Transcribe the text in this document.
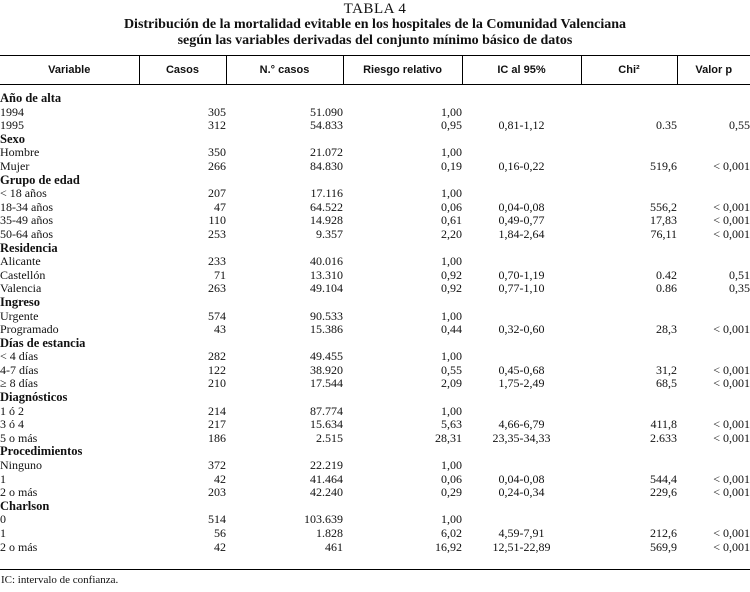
TABLA 4
Distribución de la mortalidad evitable en los hospitales de la Comunidad Valenciana
según las variables derivadas del conjunto mínimo básico de datos
Variable	Casos	N.° casos	Riesgo relativo	IC al 95%	Chi²	Valor p
Año de alta						
1994	305	51.090	1,00			
1995	312	54.833	0,95	0,81-1,12	0.35	0,55
Sexo						
Hombre	350	21.072	1,00			
Mujer	266	84.830	0,19	0,16-0,22	519,6	< 0,001
Grupo de edad						
< 18 años	207	17.116	1,00			
18-34 años	47	64.522	0,06	0,04-0,08	556,2	< 0,001
35-49 años	110	14.928	0,61	0,49-0,77	17,83	< 0,001
50-64 años	253	9.357	2,20	1,84-2,64	76,11	< 0,001
Residencia						
Alicante	233	40.016	1,00			
Castellón	71	13.310	0,92	0,70-1,19	0.42	0,51
Valencia	263	49.104	0,92	0,77-1,10	0.86	0,35
Ingreso						
Urgente	574	90.533	1,00			
Programado	43	15.386	0,44	0,32-0,60	28,3	< 0,001
Días de estancia						
< 4 días	282	49.455	1,00			
4-7 días	122	38.920	0,55	0,45-0,68	31,2	< 0,001
≥ 8 días	210	17.544	2,09	1,75-2,49	68,5	< 0,001
Diagnósticos						
1 ó 2	214	87.774	1,00			
3 ó 4	217	15.634	5,63	4,66-6,79	411,8	< 0,001
5 o más	186	2.515	28,31	23,35-34,33	2.633	< 0,001
Procedimientos						
Ninguno	372	22.219	1,00			
1	42	41.464	0,06	0,04-0,08	544,4	< 0,001
2 o más	203	42.240	0,29	0,24-0,34	229,6	< 0,001
Charlson						
0	514	103.639	1,00			
1	56	1.828	6,02	4,59-7,91	212,6	< 0,001
2 o más	42	461	16,92	12,51-22,89	569,9	< 0,001
IC: intervalo de confianza.
